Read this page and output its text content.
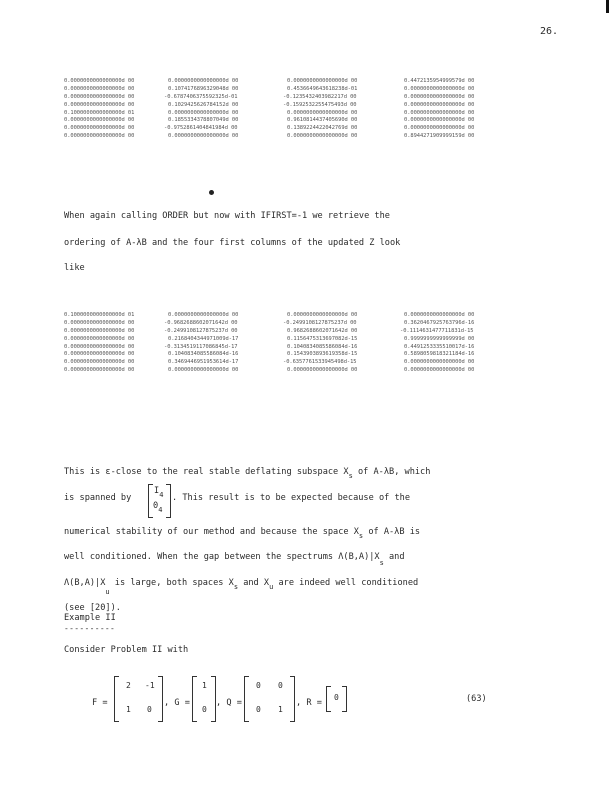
26.
0.0000000000000000d 00	0.0000000000000000d 00	0.0000000000000000d 00	0.4472135954999579d 00
0.0000000000000000d 00	0.1074176896329048d 00	0.4536649643618238d-01	0.0000000000000000d 00
0.0000000000000000d 00	-0.6787406375592325d-01	-0.1235432403982217d 00	0.0000000000000000d 00
0.0000000000000000d 00	0.1029425626784152d 00	-0.1592532255475493d 00	0.0000000000000000d 00
0.1000000000000000d 01	0.0000000000000000d 00	0.0000000000000000d 00	0.0000000000000000d 00
0.0000000000000000d 00	0.1855334378807049d 00	0.9610814437405690d 00	0.0000000000000000d 00
0.0000000000000000d 00	-0.9752861404841984d 00	0.1389224422042769d 00	0.0000000000000000d 00
0.0000000000000000d 00	0.0000000000000000d 00	0.0000000000000000d 00	0.8944271909999159d 00
When again calling ORDER but now with IFIRST=-1 we retrieve the
ordering of A-λB and the four first columns of the updated Z look
like
0.1000000000000000d 01	0.0000000000000000d 00	0.0000000000000000d 00	0.0000000000000000d 00
0.0000000000000000d 00	-0.9682688602071642d 00	-0.2499108127875237d 00	0.3620467925763796d-16
0.0000000000000000d 00	-0.2499108127875237d 00	0.9682688602071642d 00	-0.1114631477711831d-15
0.0000000000000000d 00	0.2168404344971009d-17	0.1156475313697082d-15	0.9999999999999999d 00
0.0000000000000000d 00	-0.3134519117086845d-17	0.1040834085586084d-16	0.4491253335510017d-16
0.0000000000000000d 00	0.1040834085586084d-16	0.1543903893619358d-15	0.5898059818321184d-16
0.0000000000000000d 00	0.3469446951953614d-17	-0.6357761533945498d-15	0.0000000000000000d 00
0.0000000000000000d 00	0.0000000000000000d 00	0.0000000000000000d 00	0.0000000000000000d 00
This is ε-close to the real stable deflating subspace $X_s$ of A-λB, which
is spanned by
$I_4$
$0_4$
. This result is to be expected because of the
numerical stability of our method and because the space $X_s$ of A-λB is
well conditioned. When the gap between the spectrums $\Lambda(B,A)|X_s$ and
$\Lambda(B,A)|X_u$ is large, both spaces $X_s$ and $X_u$ are indeed well conditioned
(see [20]).
Example II
----------
Consider Problem II with
F =
2 -1
1 0
, G =
1
0
, Q =
0 0
0 1
, R =
0	(63)
